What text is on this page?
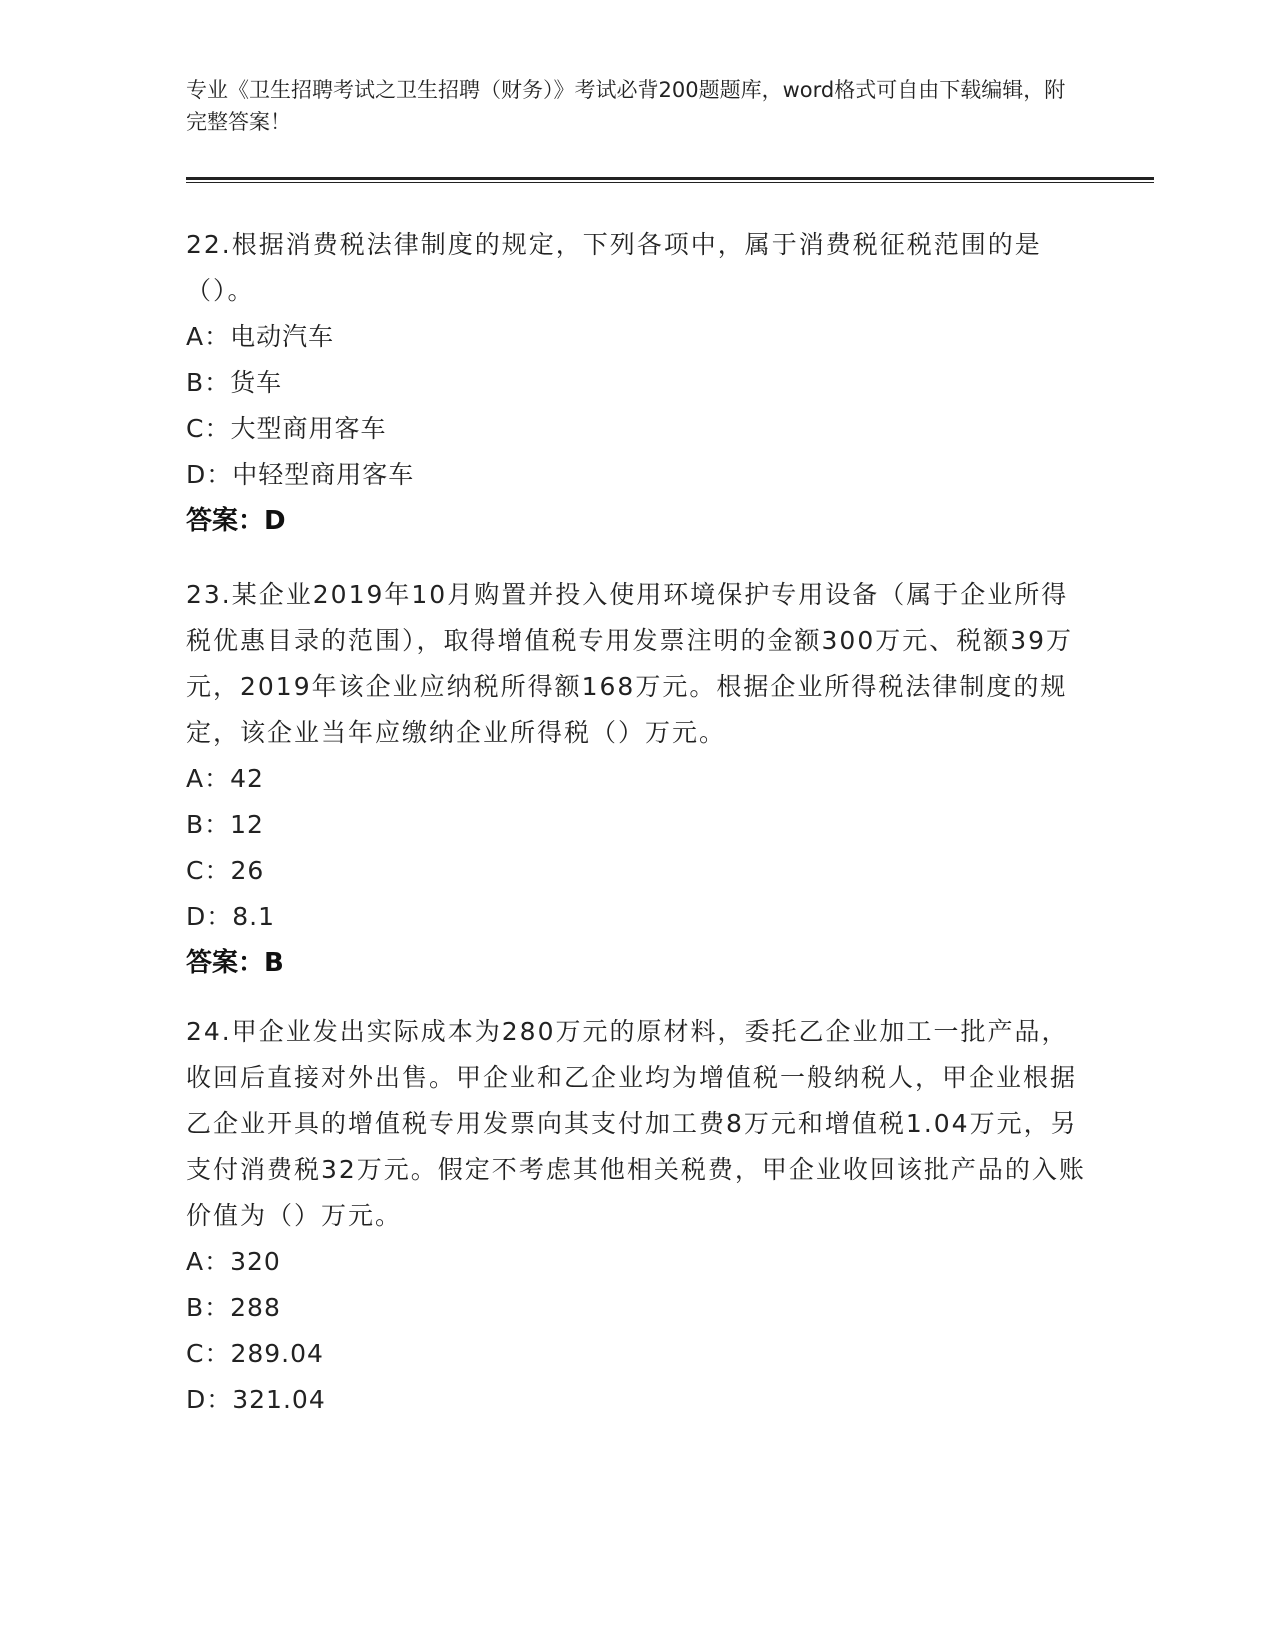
专业《卫生招聘考试之卫生招聘（财务）》考试必背200题题库，word格式可自由下载编辑，附完整答案！

22.根据消费税法律制度的规定，下列各项中，属于消费税征税范围的是（）。

A：电动汽车

B：货车

C：大型商用客车

D：中轻型商用客车

答案：D

23.某企业2019年10月购置并投入使用环境保护专用设备（属于企业所得税优惠目录的范围），取得增值税专用发票注明的金额300万元、税额39万元，2019年该企业应纳税所得额168万元。根据企业所得税法律制度的规定，该企业当年应缴纳企业所得税（）万元。

A：42

B：12

C：26

D：8.1

答案：B

24.甲企业发出实际成本为280万元的原材料，委托乙企业加工一批产品，收回后直接对外出售。甲企业和乙企业均为增值税一般纳税人，甲企业根据乙企业开具的增值税专用发票向其支付加工费8万元和增值税1.04万元，另支付消费税32万元。假定不考虑其他相关税费，甲企业收回该批产品的入账价值为（）万元。

A：320

B：288

C：289.04

D：321.04
